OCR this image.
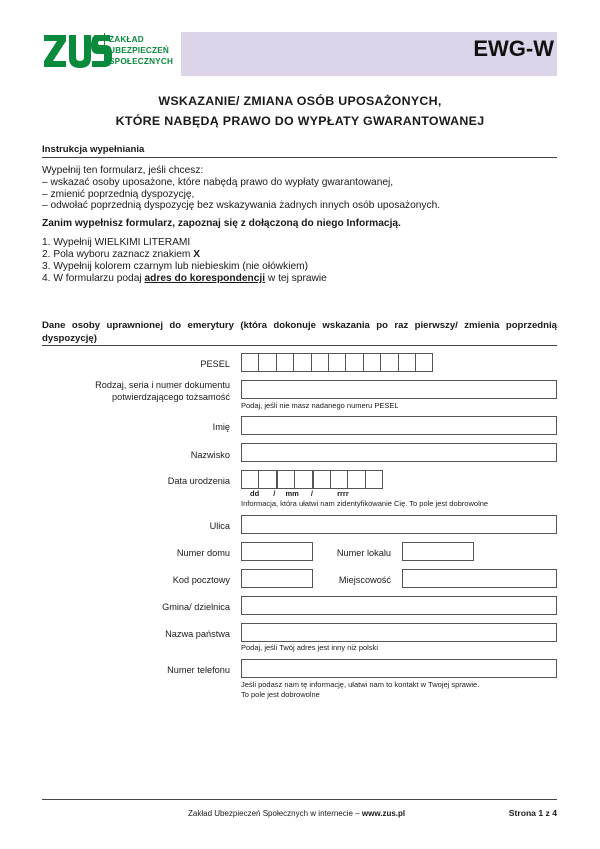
ZAKŁAD
UBEZPIECZEŃ
SPOŁECZNYCH
EWG-W
WSKAZANIE/ ZMIANA OSÓB UPOSAŻONYCH,
KTÓRE NABĘDĄ PRAWO DO WYPŁATY GWARANTOWANEJ
Instrukcja wypełniania
Wypełnij ten formularz, jeśli chcesz:
– wskazać osoby uposażone, które nabędą prawo do wypłaty gwarantowanej,
– zmienić poprzednią dyspozycję,
– odwołać poprzednią dyspozycję bez wskazywania żadnych innych osób uposażonych.
Zanim wypełnisz formularz, zapoznaj się z dołączoną do niego Informacją.
1. Wypełnij WIELKIMI LITERAMI
2. Pola wyboru zaznacz znakiem X
3. Wypełnij kolorem czarnym lub niebieskim (nie ołówkiem)
4. W formularzu podaj adres do korespondencji w tej sprawie
Dane osoby uprawnionej do emerytury (która dokonuje wskazania po raz pierwszy/ zmienia poprzednią dyspozycję)
PESEL
Rodzaj, seria i numer dokumentu
potwierdzającego tożsamość
Podaj, jeśli nie masz nadanego numeru PESEL
Imię
Nazwisko
Data urodzenia
dd / mm /	rrrr
Informacja, która ułatwi nam zidentyfikowanie Cię. To pole jest dobrowolne
Ulica
Numer domu	Numer lokalu
Kod pocztowy	Miejscowość
Gmina/ dzielnica
Nazwa państwa
Podaj, jeśli Twój adres jest inny niż polski
Numer telefonu
Jeśli podasz nam tę informację, ułatwi nam to kontakt w Twojej sprawie.
To pole jest dobrowolne
Zakład Ubezpieczeń Społecznych w internecie – www.zus.pl	Strona 1 z 4
